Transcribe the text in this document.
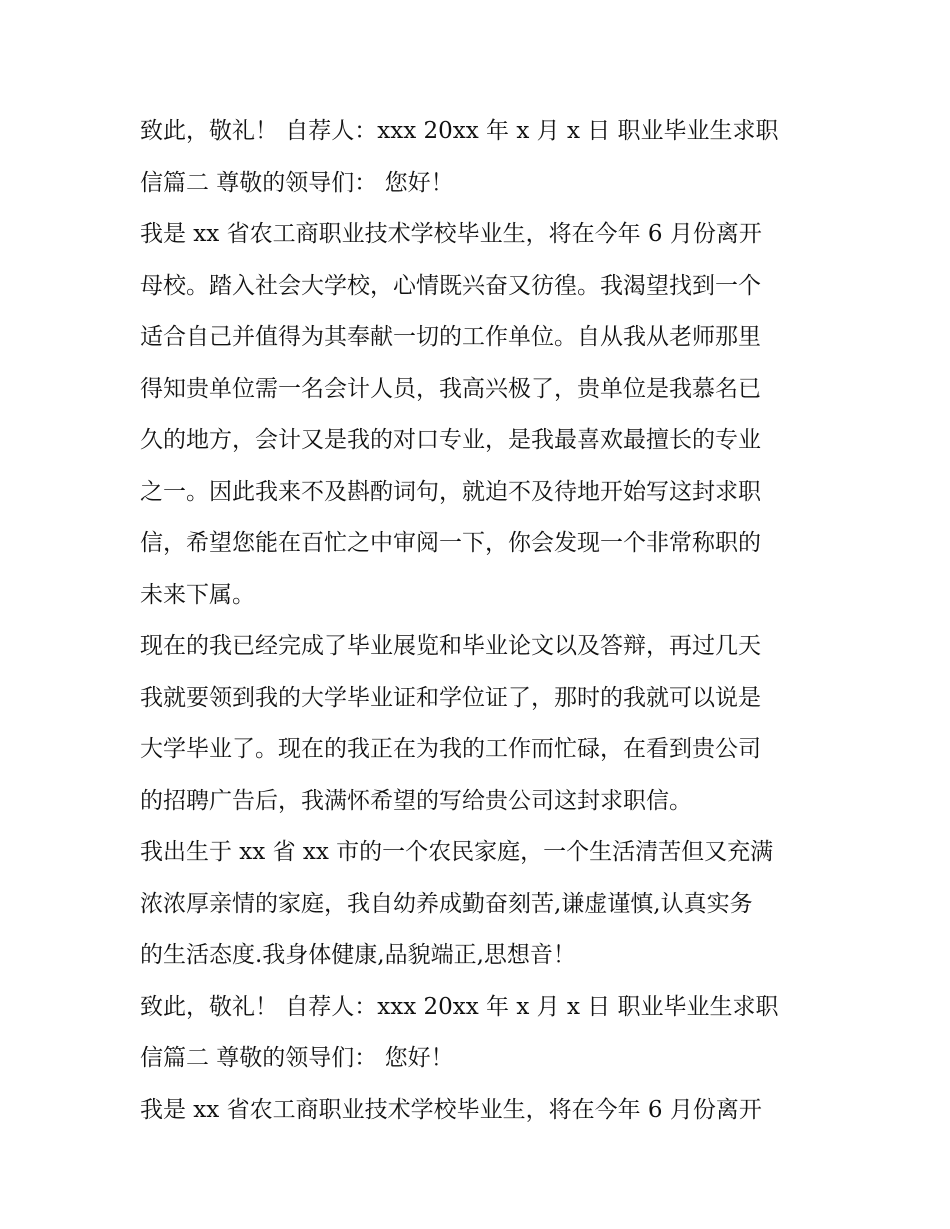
致此，敬礼！ 自荐人：xxx 20xx 年 x 月 x 日 职业毕业生求职
信篇二 尊敬的领导们： 您好！
我是 xx 省农工商职业技术学校毕业生，将在今年 6 月份离开
母校。踏入社会大学校，心情既兴奋又彷徨。我渴望找到一个
适合自己并值得为其奉献一切的工作单位。自从我从老师那里
得知贵单位需一名会计人员，我高兴极了，贵单位是我慕名已
久的地方，会计又是我的对口专业，是我最喜欢最擅长的专业
之一。因此我来不及斟酌词句，就迫不及待地开始写这封求职
信，希望您能在百忙之中审阅一下，你会发现一个非常称职的
未来下属。
现在的我已经完成了毕业展览和毕业论文以及答辩，再过几天
我就要领到我的大学毕业证和学位证了，那时的我就可以说是
大学毕业了。现在的我正在为我的工作而忙碌，在看到贵公司
的招聘广告后，我满怀希望的写给贵公司这封求职信。
我出生于 xx 省 xx 市的一个农民家庭，一个生活清苦但又充满
浓浓厚亲情的家庭，我自幼养成勤奋刻苦,谦虚谨慎,认真实务
的生活态度.我身体健康,品貌端正,思想音！
致此，敬礼！ 自荐人：xxx 20xx 年 x 月 x 日 职业毕业生求职
信篇二 尊敬的领导们： 您好！
我是 xx 省农工商职业技术学校毕业生，将在今年 6 月份离开
